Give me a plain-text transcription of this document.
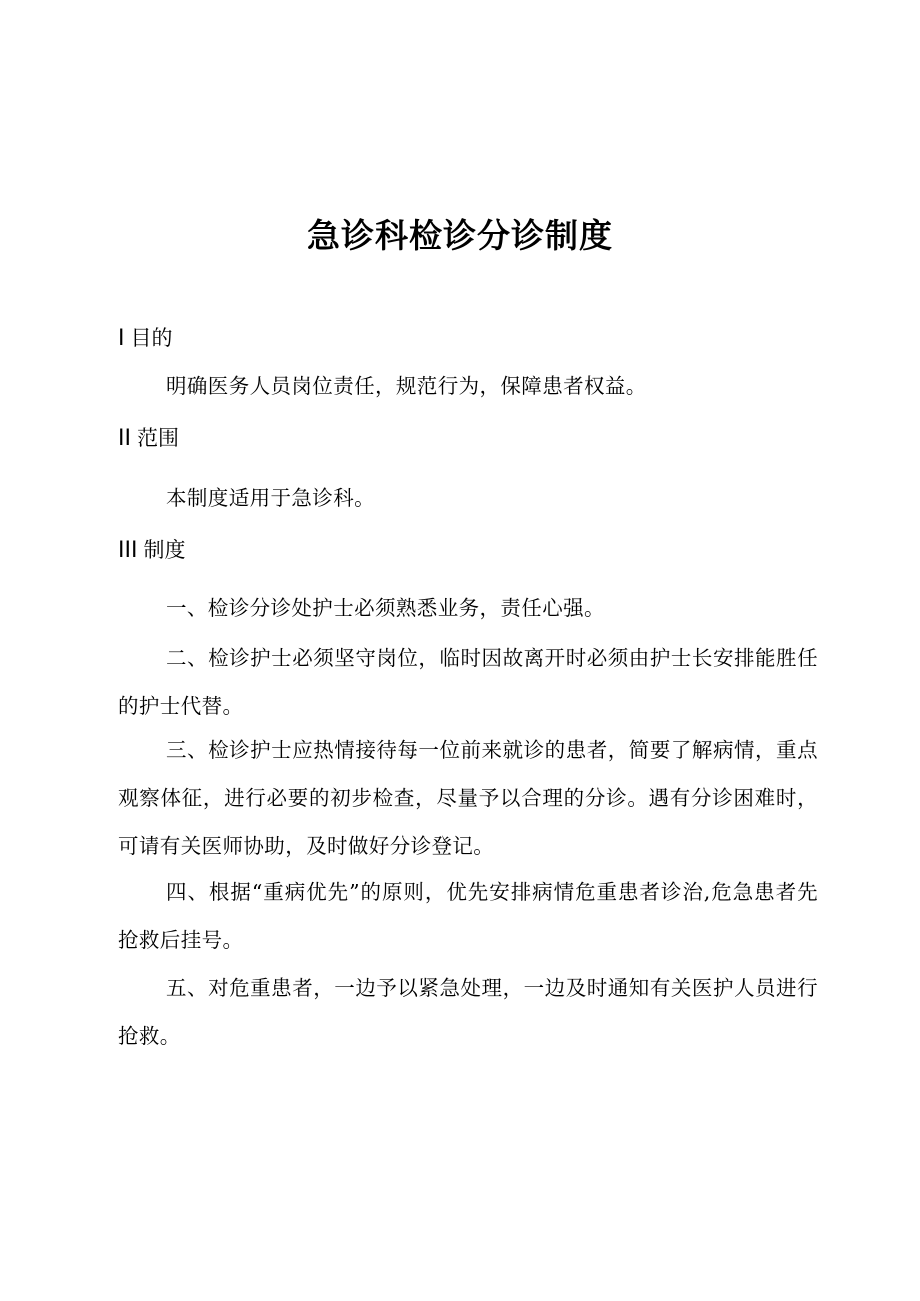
急诊科检诊分诊制度
I 目的

明确医务人员岗位责任，规范行为，保障患者权益。

II 范围

本制度适用于急诊科。

III 制度

一、检诊分诊处护士必须熟悉业务，责任心强。

二、检诊护士必须坚守岗位，临时因故离开时必须由护士长安排能胜任的护士代替。

三、检诊护士应热情接待每一位前来就诊的患者，简要了解病情，重点观察体征，进行必要的初步检查，尽量予以合理的分诊。遇有分诊困难时，可请有关医师协助，及时做好分诊登记。

四、根据“重病优先”的原则，优先安排病情危重患者诊治,危急患者先抢救后挂号。

五、对危重患者，一边予以紧急处理，一边及时通知有关医护人员进行抢救。
